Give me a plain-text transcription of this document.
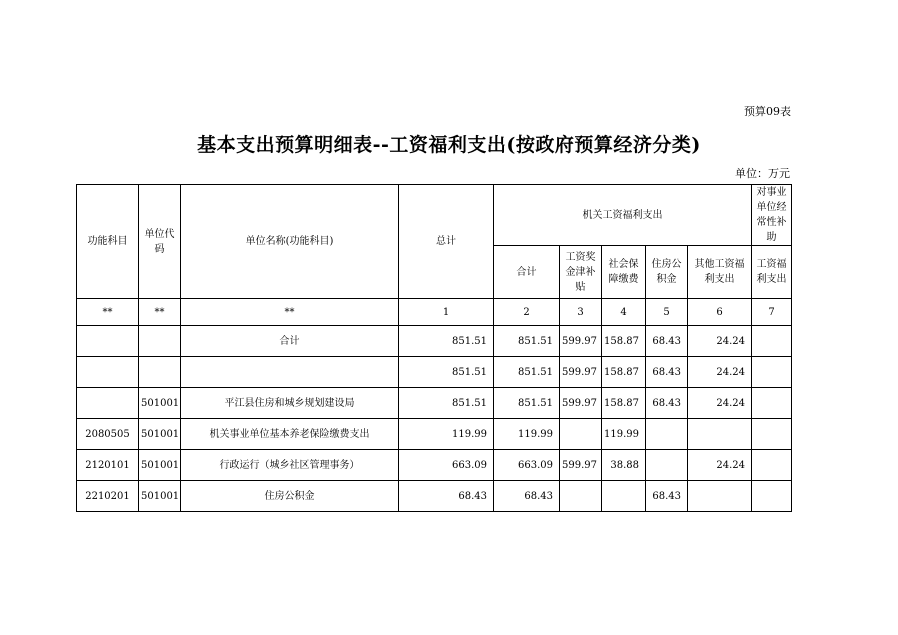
预算09表
基本支出预算明细表--工资福利支出(按政府预算经济分类)
单位：万元
功能科目	单位代码	单位名称(功能科目)	总计	机关工资福利支出					对事业单位经常性补助
				合计	工资奖金津补贴	社会保障缴费	住房公积金	其他工资福利支出	工资福利支出
**	**	**	1	2	3	4	5	6	7
		合计	851.51	851.51	599.97	158.87	68.43	24.24	
			851.51	851.51	599.97	158.87	68.43	24.24	
	501001	平江县住房和城乡规划建设局	851.51	851.51	599.97	158.87	68.43	24.24	
2080505	501001	机关事业单位基本养老保险缴费支出	119.99	119.99		119.99			
2120101	501001	行政运行（城乡社区管理事务）	663.09	663.09	599.97	38.88		24.24	
2210201	501001	住房公积金	68.43	68.43			68.43		
